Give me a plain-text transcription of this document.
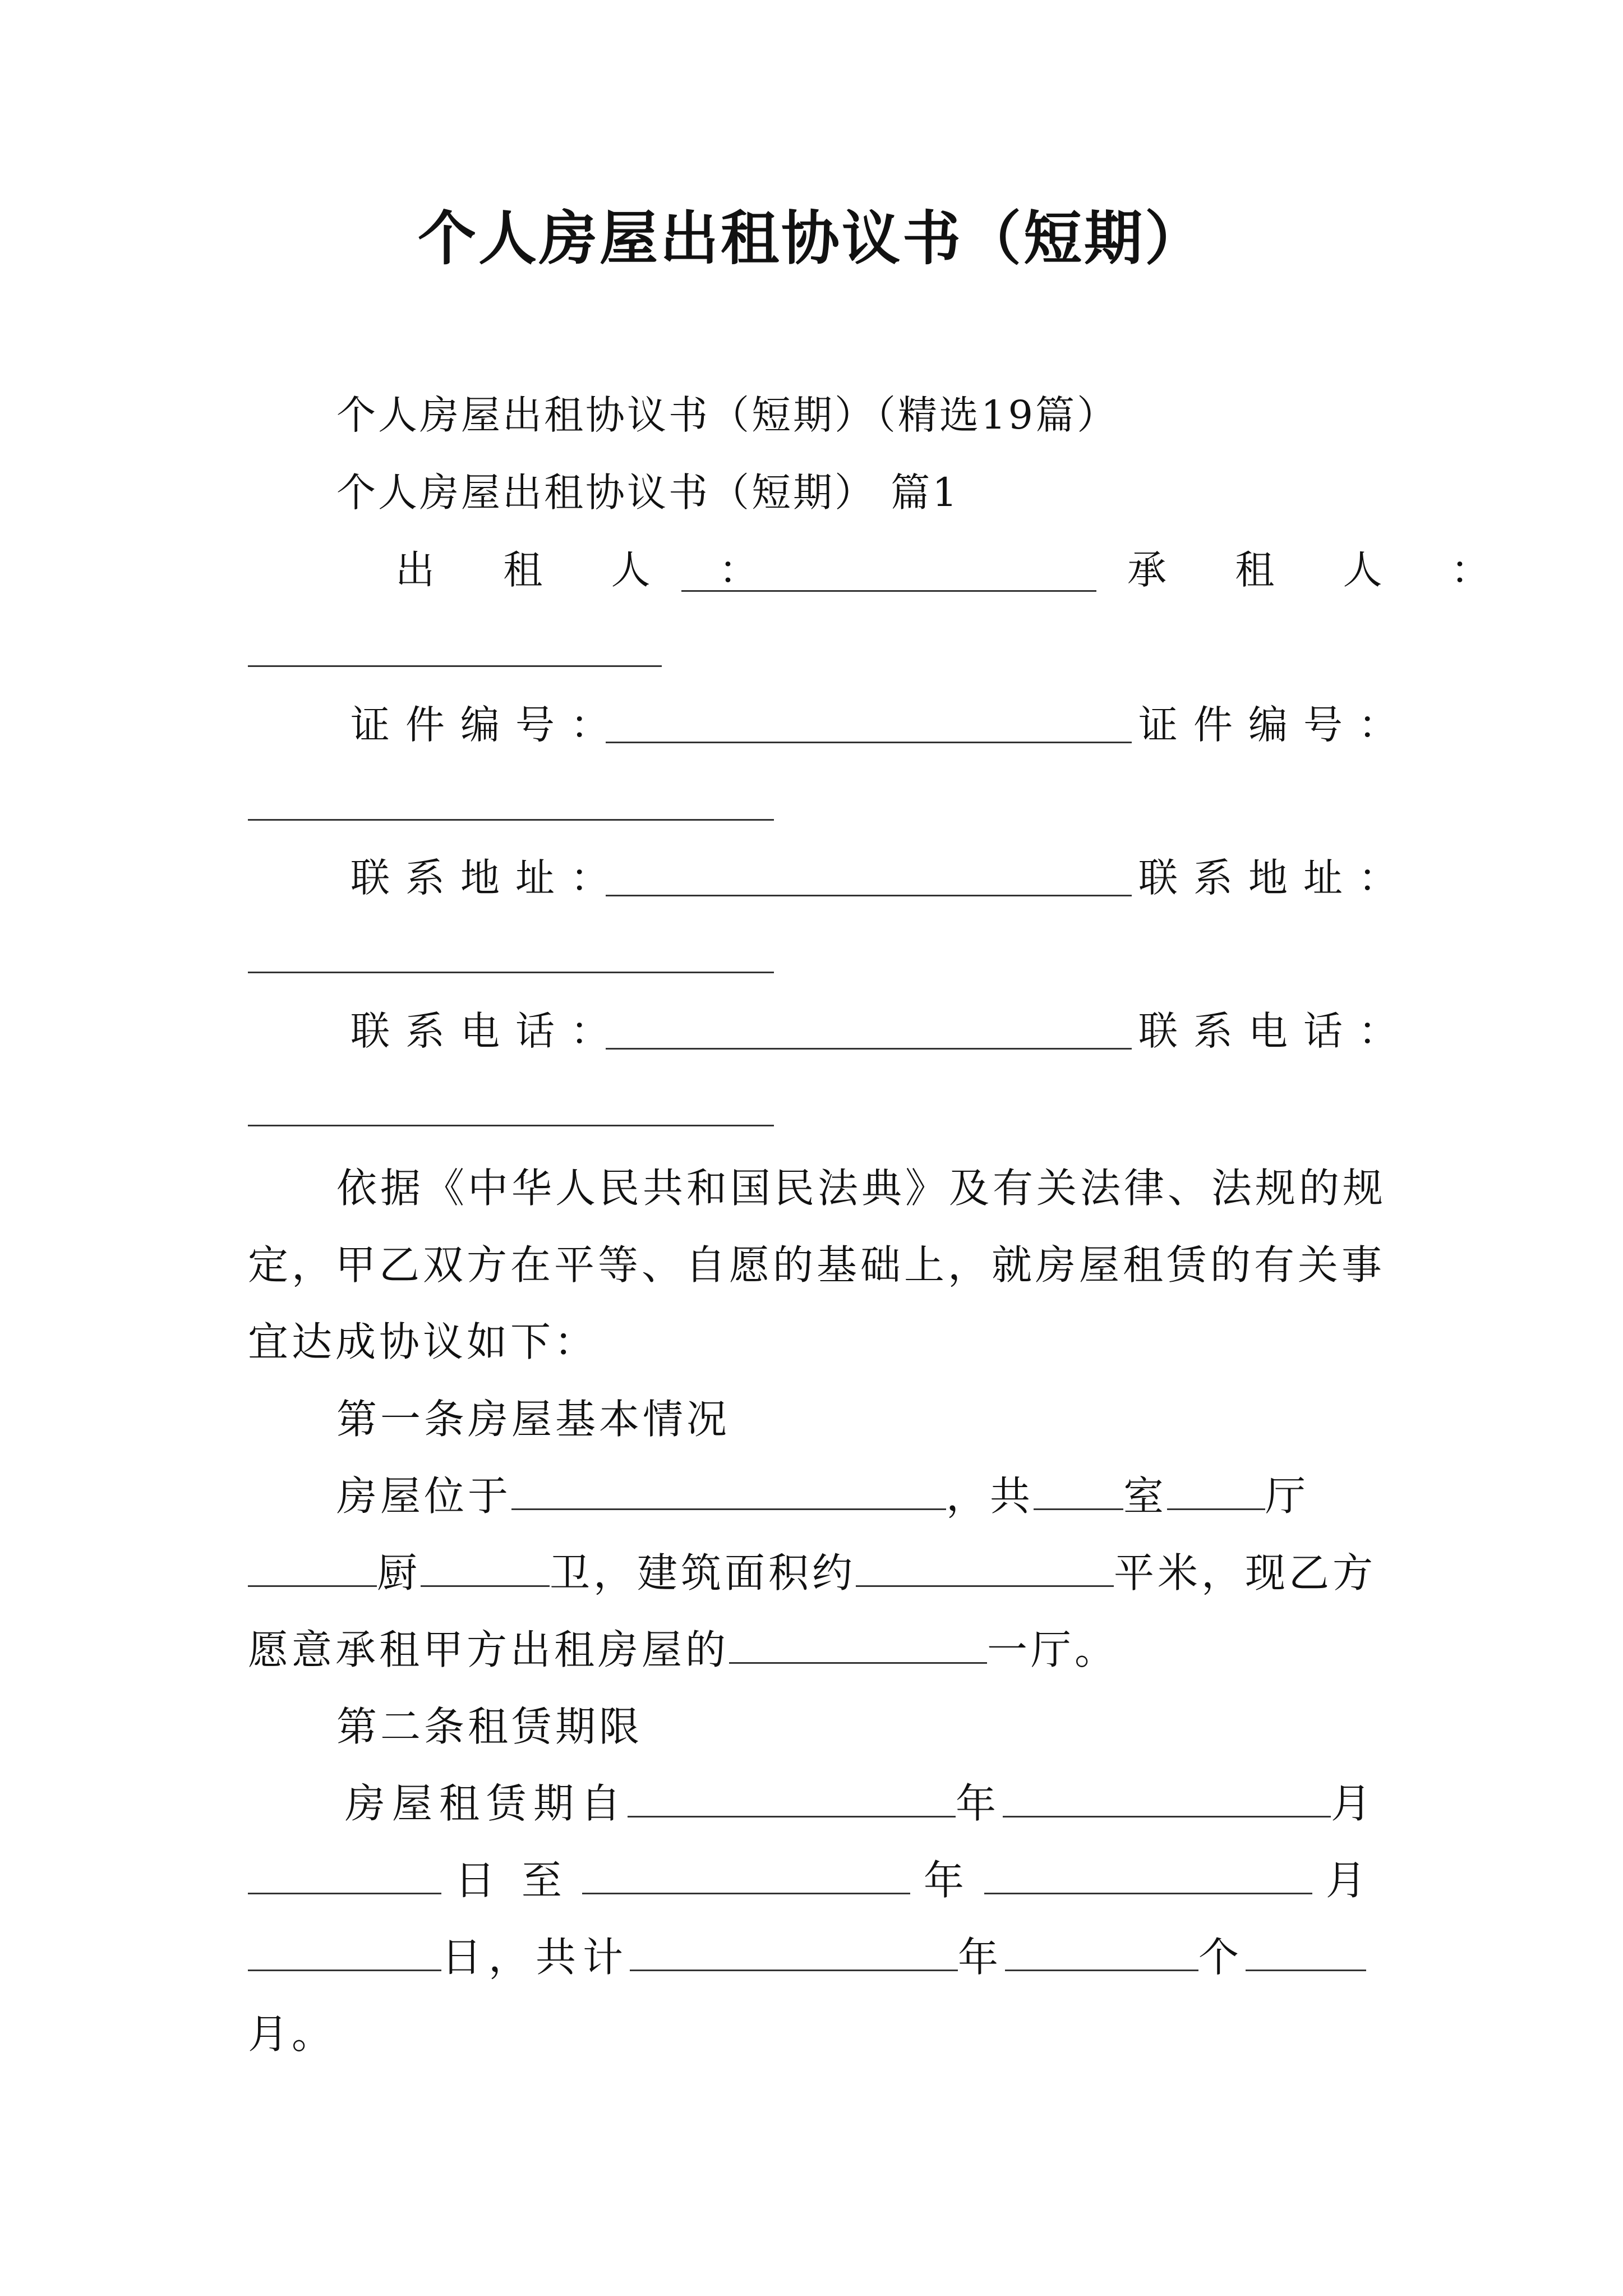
个人房屋出租协议书（短期）
个人房屋出租协议书（短期）（精选19篇）
个人房屋出租协议书（短期） 篇1
出 租 人 ：	承 租 人 ：
证件编号：	证件编号：
联系地址：	联系地址：
联系电话：	联系电话：
依据《中华人民共和国民法典》及有关法律、法规的规
定，甲乙双方在平等、自愿的基础上，就房屋租赁的有关事
宜达成协议如下：
第一条房屋基本情况
房屋位于	，共 室 厅
厨	卫，建筑面积约	平米，现乙方
愿意承租甲方出租房屋的	一厅。
第二条租赁期限
房屋租赁期自	年	月
日 至	年	月
日，共计	年	个
月。
